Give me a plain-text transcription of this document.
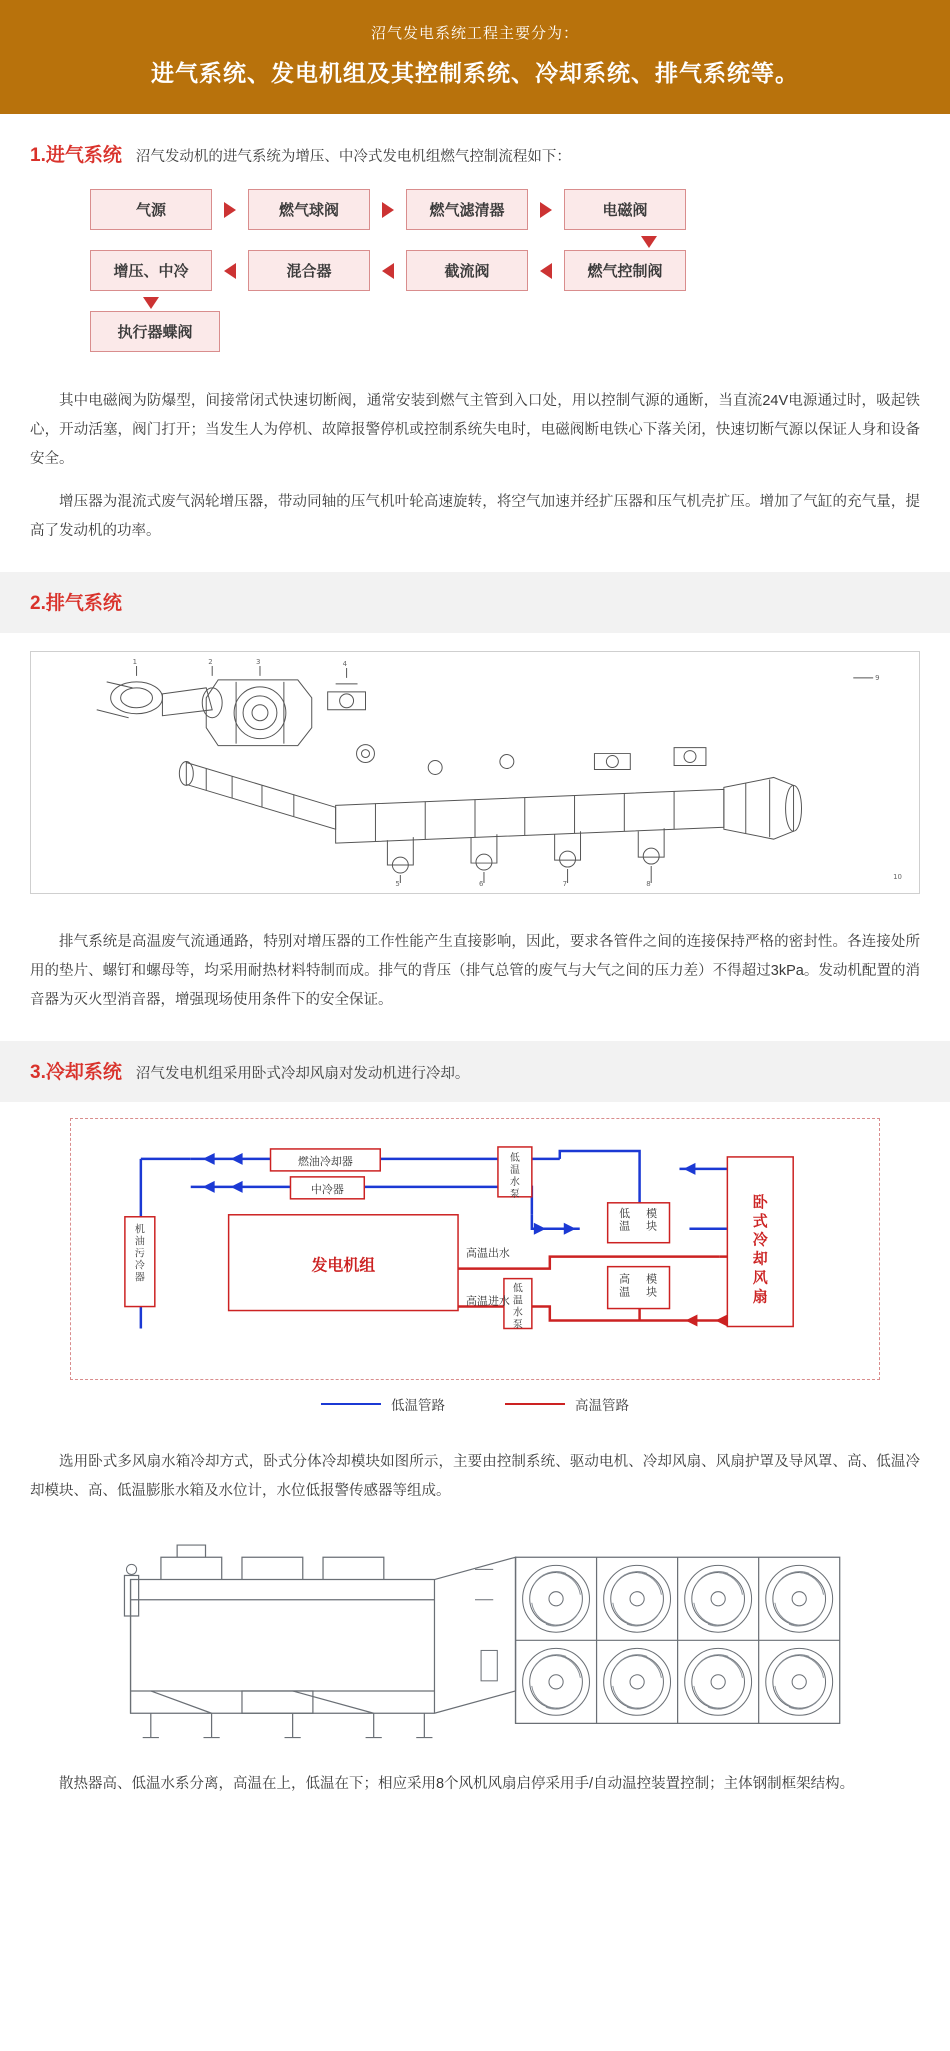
沼气发电系统工程主要分为：
进气系统、发电机组及其控制系统、冷却系统、排气系统等。
1.进气系统 沼气发动机的进气系统为增压、中冷式发电机组燃气控制流程如下：
气源	燃气球阀	燃气滤清器	电磁阀
增压、中冷	混合器	截流阀	燃气控制阀
执行器蝶阀

其中电磁阀为防爆型，间接常闭式快速切断阀，通常安装到燃气主管到入口处，用以控制气源的通断，当直流24V电源通过时，吸起铁心，开动活塞，阀门打开；当发生人为停机、故障报警停机或控制系统失电时，电磁阀断电铁心下落关闭，快速切断气源以保证人身和设备安全。

增压器为混流式废气涡轮增压器，带动同轴的压气机叶轮高速旋转，将空气加速并经扩压器和压气机壳扩压。增加了气缸的充气量，提高了发动机的功率。

2.排气系统
1	2	3	4
5	6	7	8
9
10

排气系统是高温废气流通通路，特别对增压器的工作性能产生直接影响，因此，要求各管件之间的连接保持严格的密封性。各连接处所用的垫片、螺钉和螺母等，均采用耐热材料特制而成。排气的背压（排气总管的废气与大气之间的压力差）不得超过3kPa。发动机配置的消音器为灭火型消音器，增强现场使用条件下的安全保证。

3.冷却系统 沼气发电机组采用卧式冷却风扇对发动机进行冷却。
燃油冷却器
中冷器
发电机组
高温出水
高温进水
机油污冷器
低温水泵
低温水泵
低温
模块
高温
模块
卧式冷却风扇
低温管路	高温管路

选用卧式多风扇水箱冷却方式，卧式分体冷却模块如图所示，主要由控制系统、驱动电机、冷却风扇、风扇护罩及导风罩、高、低温冷却模块、高、低温膨胀水箱及水位计，水位低报警传感器等组成。

散热器高、低温水系分离，高温在上，低温在下；相应采用8个风机风扇启停采用手/自动温控装置控制；主体钢制框架结构。
